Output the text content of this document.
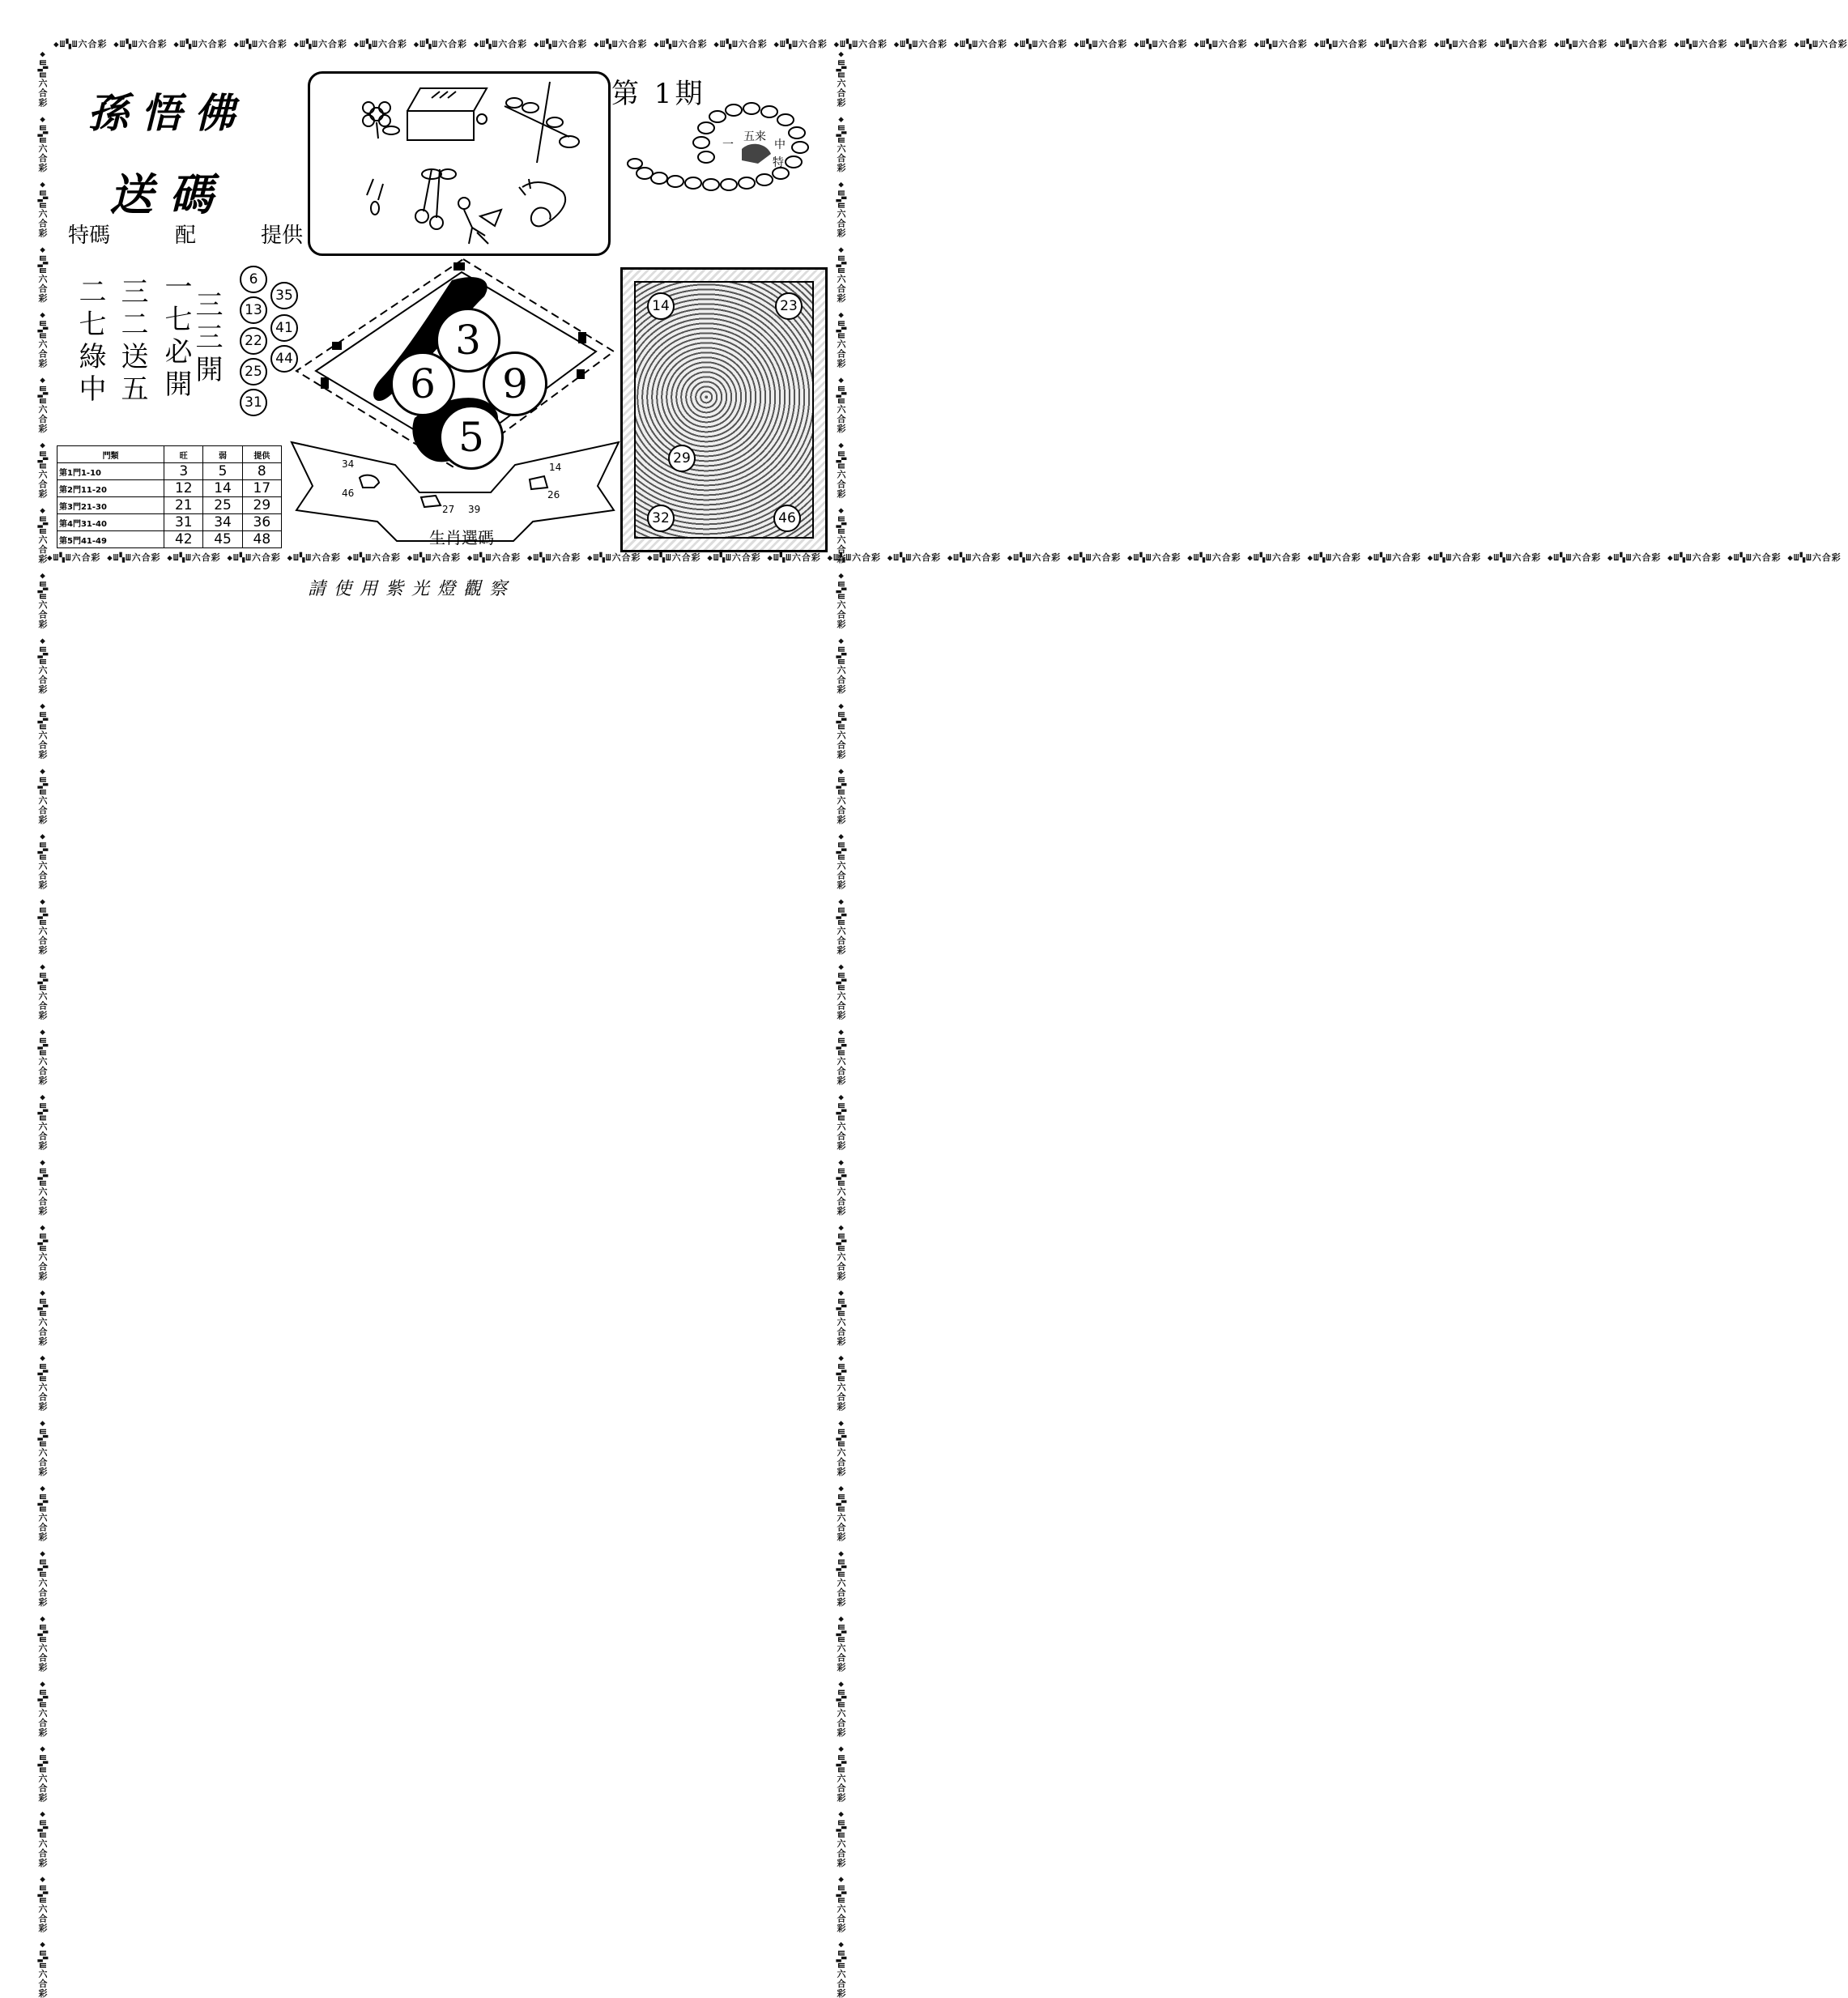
◆Ш▚Ш六合彩 ◆Ш▚Ш六合彩 ◆Ш▚Ш六合彩 ◆Ш▚Ш六合彩 ◆Ш▚Ш六合彩 ◆Ш▚Ш六合彩 ◆Ш▚Ш六合彩 ◆Ш▚Ш六合彩 ◆Ш▚Ш六合彩 ◆Ш▚Ш六合彩 ◆Ш▚Ш六合彩 ◆Ш▚Ш六合彩 ◆Ш▚Ш六合彩 ◆Ш▚Ш六合彩 ◆Ш▚Ш六合彩 ◆Ш▚Ш六合彩 ◆Ш▚Ш六合彩 ◆Ш▚Ш六合彩 ◆Ш▚Ш六合彩 ◆Ш▚Ш六合彩 ◆Ш▚Ш六合彩 ◆Ш▚Ш六合彩 ◆Ш▚Ш六合彩 ◆Ш▚Ш六合彩 ◆Ш▚Ш六合彩 ◆Ш▚Ш六合彩 ◆Ш▚Ш六合彩 ◆Ш▚Ш六合彩 ◆Ш▚Ш六合彩 ◆Ш▚Ш六合彩
◆Ш▚Ш六合彩 ◆Ш▚Ш六合彩 ◆Ш▚Ш六合彩 ◆Ш▚Ш六合彩 ◆Ш▚Ш六合彩 ◆Ш▚Ш六合彩 ◆Ш▚Ш六合彩 ◆Ш▚Ш六合彩 ◆Ш▚Ш六合彩 ◆Ш▚Ш六合彩 ◆Ш▚Ш六合彩 ◆Ш▚Ш六合彩 ◆Ш▚Ш六合彩 ◆Ш▚Ш六合彩 ◆Ш▚Ш六合彩 ◆Ш▚Ш六合彩 ◆Ш▚Ш六合彩 ◆Ш▚Ш六合彩 ◆Ш▚Ш六合彩 ◆Ш▚Ш六合彩 ◆Ш▚Ш六合彩 ◆Ш▚Ш六合彩 ◆Ш▚Ш六合彩 ◆Ш▚Ш六合彩 ◆Ш▚Ш六合彩 ◆Ш▚Ш六合彩 ◆Ш▚Ш六合彩 ◆Ш▚Ш六合彩 ◆Ш▚Ш六合彩 ◆Ш▚Ш六合彩
◆Ш▚Ш六合彩 ◆Ш▚Ш六合彩 ◆Ш▚Ш六合彩 ◆Ш▚Ш六合彩 ◆Ш▚Ш六合彩 ◆Ш▚Ш六合彩 ◆Ш▚Ш六合彩 ◆Ш▚Ш六合彩 ◆Ш▚Ш六合彩 ◆Ш▚Ш六合彩 ◆Ш▚Ш六合彩 ◆Ш▚Ш六合彩 ◆Ш▚Ш六合彩 ◆Ш▚Ш六合彩 ◆Ш▚Ш六合彩 ◆Ш▚Ш六合彩 ◆Ш▚Ш六合彩 ◆Ш▚Ш六合彩 ◆Ш▚Ш六合彩 ◆Ш▚Ш六合彩 ◆Ш▚Ш六合彩 ◆Ш▚Ш六合彩 ◆Ш▚Ш六合彩 ◆Ш▚Ш六合彩 ◆Ш▚Ш六合彩 ◆Ш▚Ш六合彩 ◆Ш▚Ш六合彩 ◆Ш▚Ш六合彩 ◆Ш▚Ш六合彩 ◆Ш▚Ш六合彩	◆Ш▚Ш六合彩 ◆Ш▚Ш六合彩 ◆Ш▚Ш六合彩 ◆Ш▚Ш六合彩 ◆Ш▚Ш六合彩 ◆Ш▚Ш六合彩 ◆Ш▚Ш六合彩 ◆Ш▚Ш六合彩 ◆Ш▚Ш六合彩 ◆Ш▚Ш六合彩 ◆Ш▚Ш六合彩 ◆Ш▚Ш六合彩 ◆Ш▚Ш六合彩 ◆Ш▚Ш六合彩 ◆Ш▚Ш六合彩 ◆Ш▚Ш六合彩 ◆Ш▚Ш六合彩 ◆Ш▚Ш六合彩 ◆Ш▚Ш六合彩 ◆Ш▚Ш六合彩 ◆Ш▚Ш六合彩 ◆Ш▚Ш六合彩 ◆Ш▚Ш六合彩 ◆Ш▚Ш六合彩 ◆Ш▚Ш六合彩 ◆Ш▚Ш六合彩 ◆Ш▚Ш六合彩 ◆Ш▚Ш六合彩 ◆Ш▚Ш六合彩 ◆Ш▚Ш六合彩
孫悟佛
送碼
特碼	配	提供
二七綠中 三二送五 一七必開
三三開
6
13
22
25
31
35
41
44
第 1期
五来
一	中
特
3
6	9
5
34
46
27 39
14
26
生肖選碼
14	23
29
32	46
門類	旺	弱	提供
第1門1-10	3	5	8
第2門11-20	12	14	17
第3門21-30	21	25	29
第4門31-40	31	34	36
第5門41-49	42	45	48
請使用紫光燈觀察
